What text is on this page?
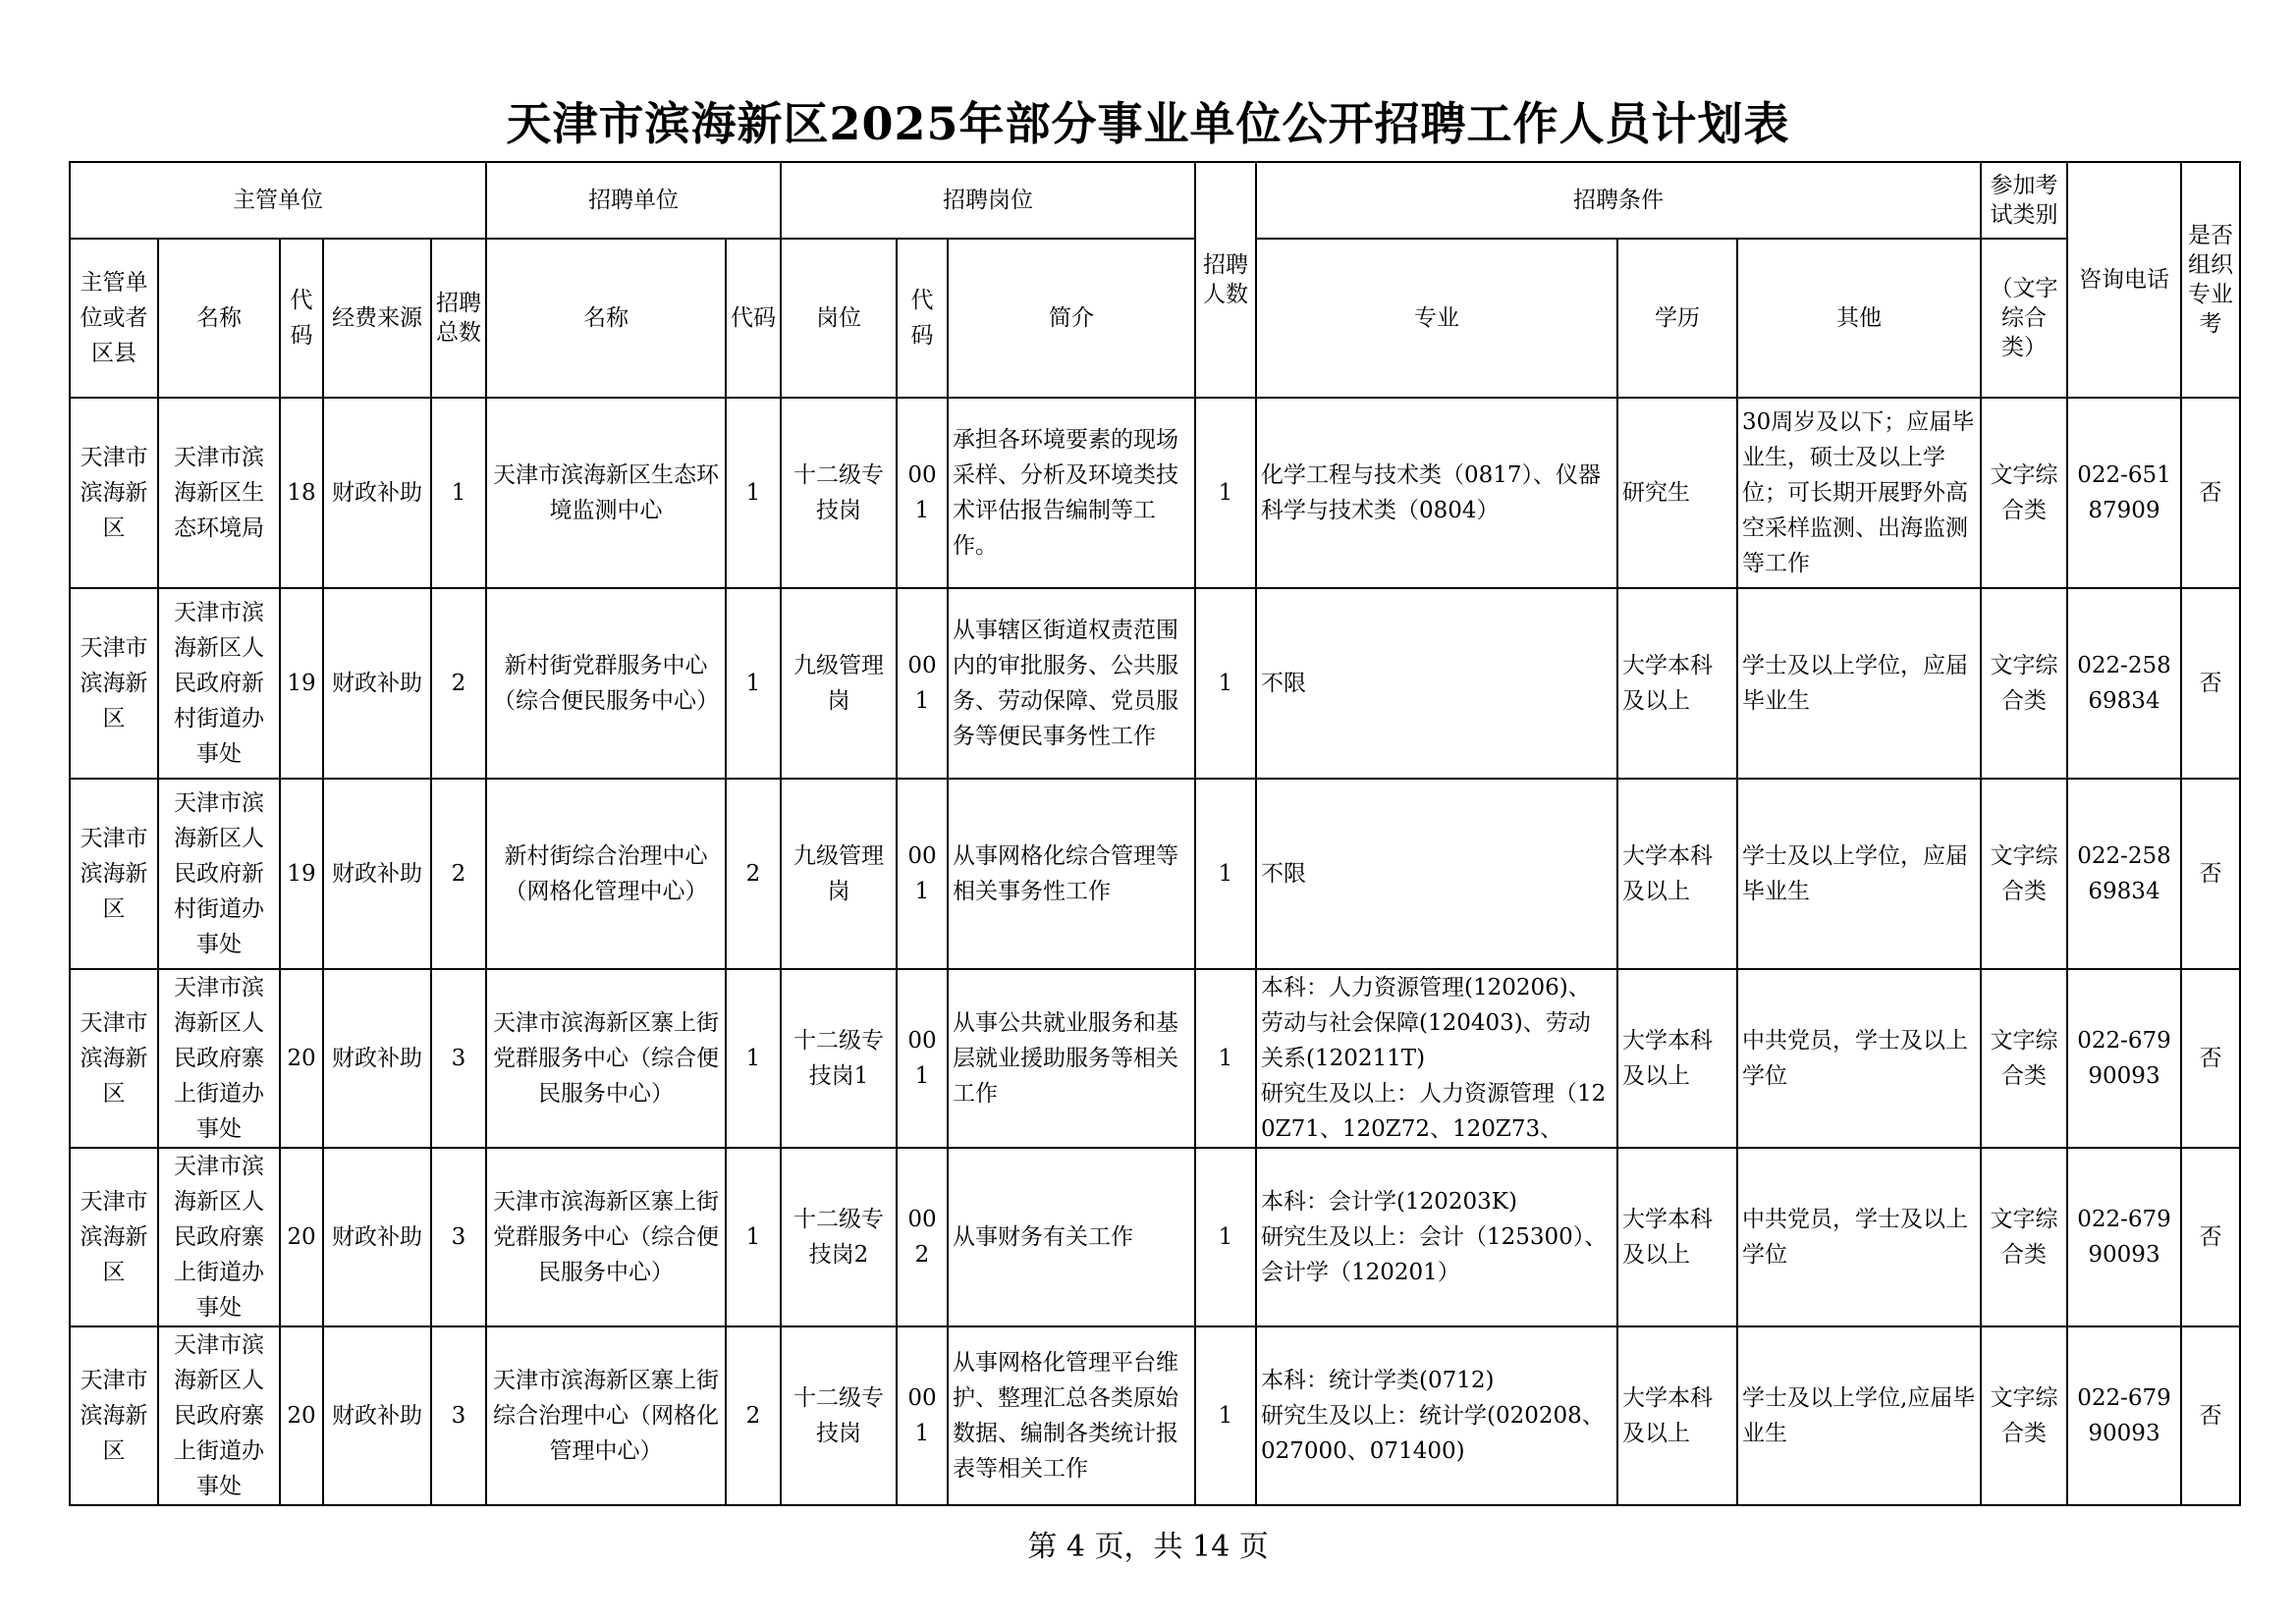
天津市滨海新区2025年部分事业单位公开招聘工作人员计划表
主管单位					招聘单位		招聘岗位			招聘人数	招聘条件			参加考试类别	咨询电话	是否组织专业考
主管单位或者区县	名称	代码	经费来源	招聘总数	名称	代码	岗位	代码	简介		专业	学历	其他	（文字综合类）		

天津市滨海新区	天津市滨海新区生态环境局	18	财政补助	1	天津市滨海新区生态环境监测中心	1	十二级专技岗	001	承担各环境要素的现场采样、分析及环境类技术评估报告编制等工作。	1	化学工程与技术类（0817）、仪器科学与技术类（0804）	研究生	30周岁及以下；应届毕业生，硕士及以上学位；可长期开展野外高空采样监测、出海监测等工作	文字综合类	022-65187909	否

天津市滨海新区	天津市滨海新区人民政府新村街道办事处	19	财政补助	2	新村街党群服务中心（综合便民服务中心）	1	九级管理岗	001	从事辖区街道权责范围内的审批服务、公共服务、劳动保障、党员服务等便民事务性工作	1	不限	大学本科及以上	学士及以上学位，应届毕业生	文字综合类	022-25869834	否

天津市滨海新区	天津市滨海新区人民政府新村街道办事处	19	财政补助	2	新村街综合治理中心（网格化管理中心）	2	九级管理岗	001	从事网格化综合管理等相关事务性工作	1	不限	大学本科及以上	学士及以上学位，应届毕业生	文字综合类	022-25869834	否

天津市滨海新区	天津市滨海新区人民政府寨上街道办事处	20	财政补助	3	天津市滨海新区寨上街党群服务中心（综合便民服务中心）	1	十二级专技岗1	001	从事公共就业服务和基层就业援助服务等相关工作	1	本科：人力资源管理(120206)、劳动与社会保障(120403)、劳动关系(120211T)
研究生及以上：人力资源管理（120Z71、120Z72、120Z73、	大学本科及以上	中共党员，学士及以上学位	文字综合类	022-67990093	否

天津市滨海新区	天津市滨海新区人民政府寨上街道办事处	20	财政补助	3	天津市滨海新区寨上街党群服务中心（综合便民服务中心）	1	十二级专技岗2	002	从事财务有关工作	1	本科：会计学(120203K)
研究生及以上：会计（125300）、会计学（120201）	大学本科及以上	中共党员，学士及以上学位	文字综合类	022-67990093	否

天津市滨海新区	天津市滨海新区人民政府寨上街道办事处	20	财政补助	3	天津市滨海新区寨上街综合治理中心（网格化管理中心）	2	十二级专技岗	001	从事网格化管理平台维护、整理汇总各类原始数据、编制各类统计报表等相关工作	1	本科：统计学类(0712)
研究生及以上：统计学(020208、027000、071400)	大学本科及以上	学士及以上学位,应届毕业生	文字综合类	022-67990093	否
第 4 页，共 14 页
